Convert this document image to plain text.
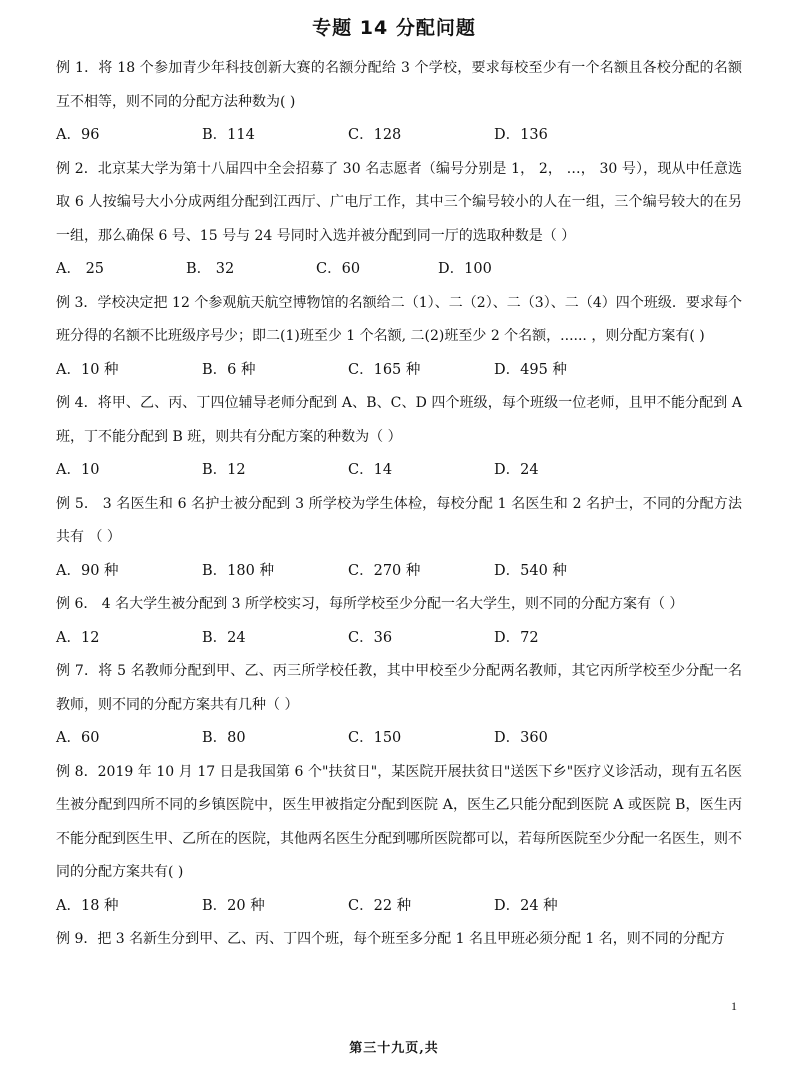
专题 14 分配问题

例 1．将 18 个参加青少年科技创新大赛的名额分配给 3 个学校，要求每校至少有一个名额且各校分配的名额互不相等，则不同的分配方法种数为( )

A．96	B．114	C．128	D．136

例 2．北京某大学为第十八届四中全会招募了 30 名志愿者（编号分别是 1， 2， …， 30 号），现从中任意选取 6 人按编号大小分成两组分配到江西厅、广电厅工作，其中三个编号较小的人在一组，三个编号较大的在另一组，那么确保 6 号、15 号与 24 号同时入选并被分配到同一厅的选取种数是（ ）

A． 25	B． 32	C．60	D．100

例 3．学校决定把 12 个参观航天航空博物馆的名额给二（1）、二（2）、二（3）、二（4）四个班级．要求每个班分得的名额不比班级序号少；即二(1)班至少 1 个名额, 二(2)班至少 2 个名额，...... ，则分配方案有( )

A．10 种	B．6 种	C．165 种	D．495 种

例 4．将甲、乙、丙、丁四位辅导老师分配到 A、B、C、D 四个班级，每个班级一位老师，且甲不能分配到 A 班，丁不能分配到 B 班，则共有分配方案的种数为（ ）

A．10	B．12	C．14	D．24

例 5． 3 名医生和 6 名护士被分配到 3 所学校为学生体检，每校分配 1 名医生和 2 名护士，不同的分配方法共有 （ ）

A．90 种	B．180 种	C．270 种	D．540 种

例 6． 4 名大学生被分配到 3 所学校实习，每所学校至少分配一名大学生，则不同的分配方案有（ ）

A．12	B．24	C．36	D．72

例 7．将 5 名教师分配到甲、乙、丙三所学校任教，其中甲校至少分配两名教师，其它丙所学校至少分配一名教师，则不同的分配方案共有几种（ ）

A．60	B．80	C．150	D．360

例 8．2019 年 10 月 17 日是我国第 6 个"扶贫日"，某医院开展扶贫日"送医下乡"医疗义诊活动，现有五名医生被分配到四所不同的乡镇医院中，医生甲被指定分配到医院 A，医生乙只能分配到医院 A 或医院 B，医生丙不能分配到医生甲、乙所在的医院，其他两名医生分配到哪所医院都可以，若每所医院至少分配一名医生，则不同的分配方案共有( )

A．18 种	B．20 种	C．22 种	D．24 种

例 9．把 3 名新生分到甲、乙、丙、丁四个班，每个班至多分配 1 名且甲班必须分配 1 名，则不同的分配方

1
第三十九页,共
